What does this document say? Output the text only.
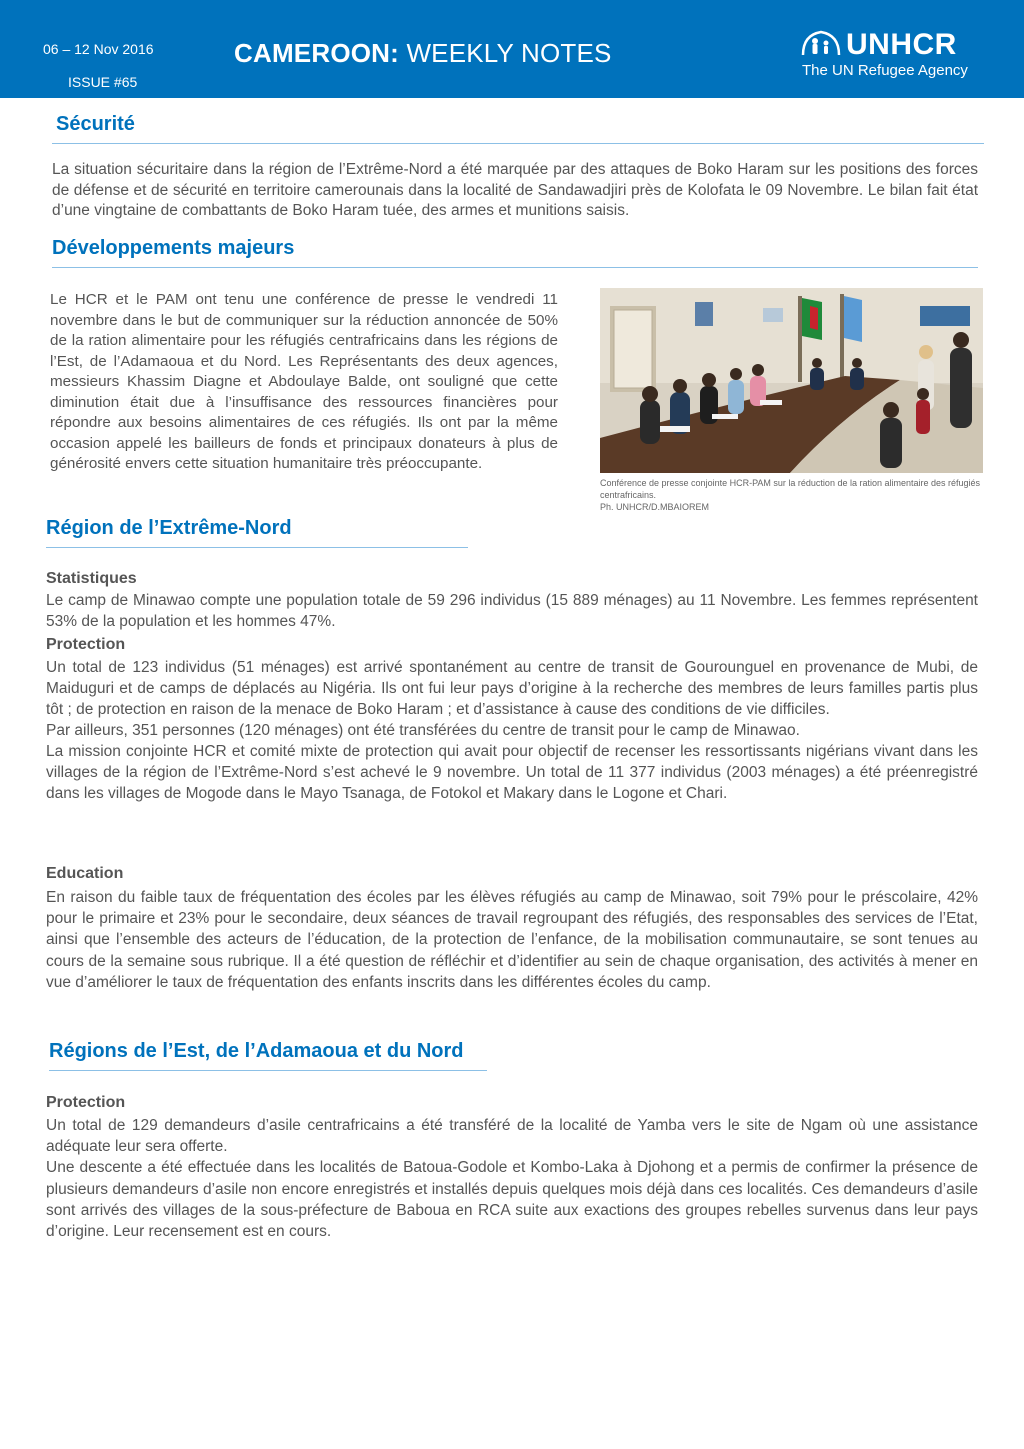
06 – 12 Nov 2016
ISSUE #65
CAMEROON: WEEKLY NOTES	UNHCR
The UN Refugee Agency
Sécurité
La situation sécuritaire dans la région de l’Extrême-Nord a été marquée par des attaques de Boko Haram sur les positions des forces de défense et de sécurité en territoire camerounais dans la localité de Sandawadjiri près de Kolofata le 09 Novembre. Le bilan fait état d’une vingtaine de combattants de Boko Haram tuée, des armes et munitions saisis.
Développements majeurs
Le HCR et le PAM ont tenu une conférence de presse le vendredi 11 novembre dans le but de communiquer sur la réduction annoncée de 50% de la ration alimentaire pour les réfugiés centrafricains dans les régions de l’Est, de l’Adamaoua et du Nord. Les Représentants des deux agences, messieurs Khassim Diagne et Abdoulaye Balde, ont souligné que cette diminution était due à l’insuffisance des ressources financières pour répondre aux besoins alimentaires de ces réfugiés. Ils ont par la même occasion appelé les bailleurs de fonds et principaux donateurs à plus de générosité envers cette situation humanitaire très préoccupante.
Conférence de presse conjointe HCR-PAM sur la réduction de la ration alimentaire des réfugiés centrafricains.
Ph. UNHCR/D.MBAIOREM
Région de l’Extrême-Nord
Statistiques
Le camp de Minawao compte une population totale de 59 296 individus (15 889 ménages) au 11 Novembre. Les femmes représentent 53% de la population et les hommes 47%.
Protection

Un total de 123 individus (51 ménages) est arrivé spontanément au centre de transit de Gourounguel en provenance de Mubi, de Maiduguri et de camps de déplacés au Nigéria. Ils ont fui leur pays d’origine à la recherche des membres de leurs familles partis plus tôt ; de protection en raison de la menace de Boko Haram ; et d’assistance à cause des conditions de vie difficiles.

Par ailleurs, 351 personnes (120 ménages) ont été transférées du centre de transit pour le camp de Minawao.

La mission conjointe HCR et comité mixte de protection qui avait pour objectif de recenser les ressortissants nigérians vivant dans les villages de la région de l’Extrême-Nord s’est achevé le 9 novembre. Un total de 11 377 individus (2003 ménages) a été préenregistré dans les villages de Mogode dans le Mayo Tsanaga, de Fotokol et Makary dans le Logone et Chari.

Education
En raison du faible taux de fréquentation des écoles par les élèves réfugiés au camp de Minawao, soit 79% pour le préscolaire, 42% pour le primaire et 23% pour le secondaire, deux séances de travail regroupant des réfugiés, des responsables des services de l’Etat, ainsi que l’ensemble des acteurs de l’éducation, de la protection de l’enfance, de la mobilisation communautaire, se sont tenues au cours de la semaine sous rubrique. Il a été question de réfléchir et d’identifier au sein de chaque organisation, des activités à mener en vue d’améliorer le taux de fréquentation des enfants inscrits dans les différentes écoles du camp.
Régions de l’Est, de l’Adamaoua et du Nord
Protection

Un total de 129 demandeurs d’asile centrafricains a été transféré de la localité de Yamba vers le site de Ngam où une assistance adéquate leur sera offerte.

Une descente a été effectuée dans les localités de Batoua-Godole et Kombo-Laka à Djohong et a permis de confirmer la présence de plusieurs demandeurs d’asile non encore enregistrés et installés depuis quelques mois déjà dans ces localités. Ces demandeurs d’asile sont arrivés des villages de la sous-préfecture de Baboua en RCA suite aux exactions des groupes rebelles survenus dans leur pays d’origine. Leur recensement est en cours.
